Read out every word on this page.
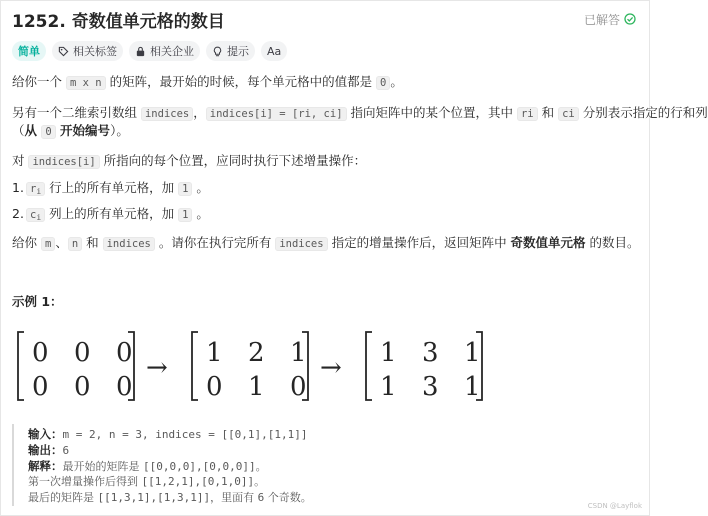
1252. 奇数值单元格的数目	已解答
简单	相关标签	相关企业	提示	Aa
给你一个 m x n 的矩阵，最开始的时候，每个单元格中的值都是 0 。
另有一个二维索引数组 indices ， indices[i] = [ri, ci] 指向矩阵中的某个位置，其中 ri 和 ci 分别表示指定的行和列
（从 0 开始编号）。
对 indices[i] 所指向的每个位置，应同时执行下述增量操作：
1. $r_i$ 行上的所有单元格，加 1 。
2. $c_i$ 列上的所有单元格，加 1 。
给你 m 、 n 和 indices 。请你在执行完所有 indices 指定的增量操作后，返回矩阵中 奇数值单元格 的数目。
示例 1：
0 0 0
0 0 0
→ 1 2 1
0 1 0
→ 1 3 1
1 3 1
输入：m = 2, n = 3, indices = [[0,1],[1,1]]
输出：6
解释：最开始的矩阵是 [[0,0,0],[0,0,0]]。
第一次增量操作后得到 [[1,2,1],[0,1,0]]。
最后的矩阵是 [[1,3,1],[1,3,1]]，里面有 6 个奇数。
CSDN @Layflok
